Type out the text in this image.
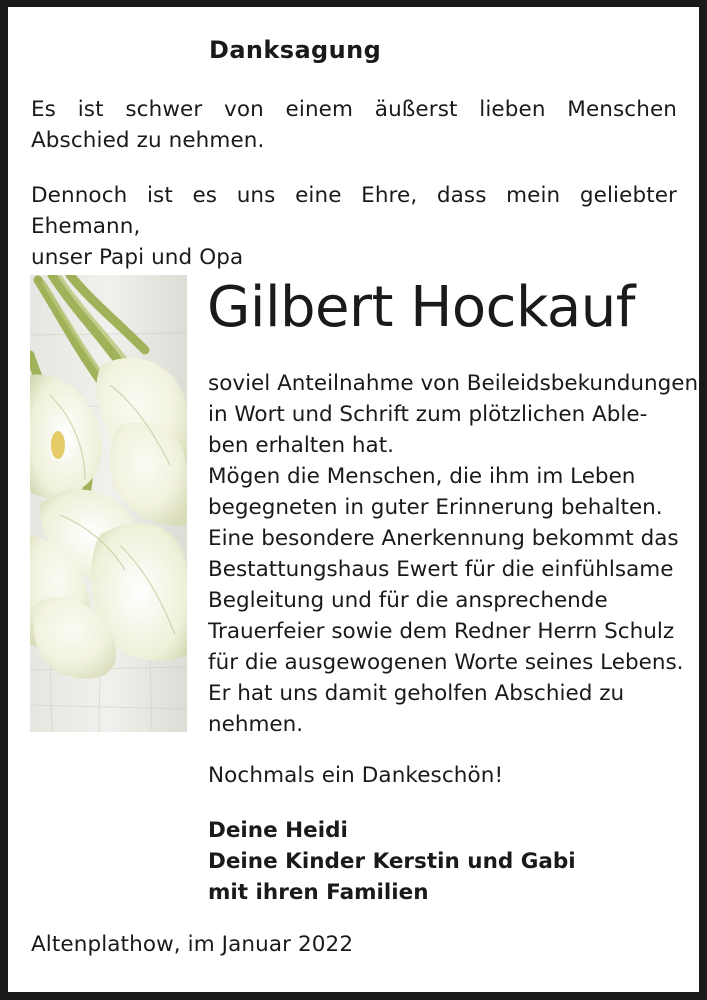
Danksagung

Es ist schwer von einem äußerst lieben Menschen Abschied zu nehmen.

Dennoch ist es uns eine Ehre, dass mein geliebter Ehemann,
unser Papi und Opa
Gilbert Hockauf
soviel Anteilnahme von Beileidsbekundungen
in Wort und Schrift zum plötzlichen Able-
ben erhalten hat.
Mögen die Menschen, die ihm im Leben
begegneten in guter Erinnerung behalten.
Eine besondere Anerkennung bekommt das
Bestattungshaus Ewert für die einfühlsame
Begleitung und für die ansprechende
Trauerfeier sowie dem Redner Herrn Schulz
für die ausgewogenen Worte seines Lebens.
Er hat uns damit geholfen Abschied zu
nehmen.

Nochmals ein Dankeschön!

Deine Heidi
Deine Kinder Kerstin und Gabi
mit ihren Familien

Altenplathow, im Januar 2022
